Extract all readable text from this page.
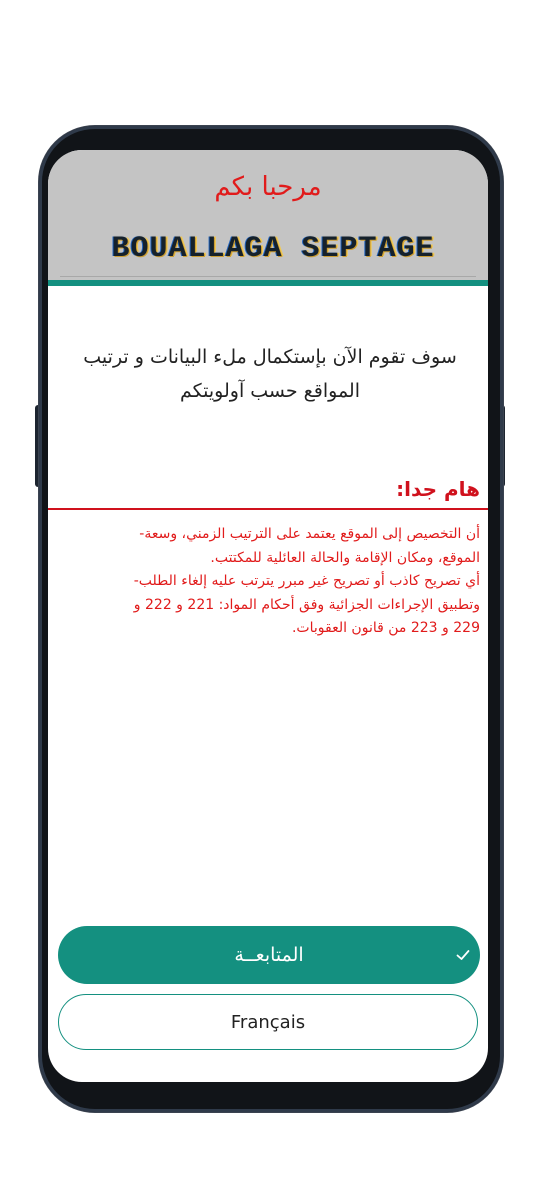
مرحبا بكم
BOUALLAGA SEPTAGE
سوف تقوم الآن بإستكمال ملء البيانات و ترتيب المواقع حسب آولويتكم
هام جدا:

أن التخصيص إلى الموقع يعتمد على الترتيب الزمني، وسعة-

الموقع، ومكان الإقامة والحالة العائلية للمكتتب.

أي تصريح كاذب أو تصريح غير مبرر يترتب عليه إلغاء الطلب-

وتطبيق الإجراءات الجزائية وفق أحكام المواد: 221 و 222 و

229 و 223 من قانون العقوبات.

المتابعــة
Français
